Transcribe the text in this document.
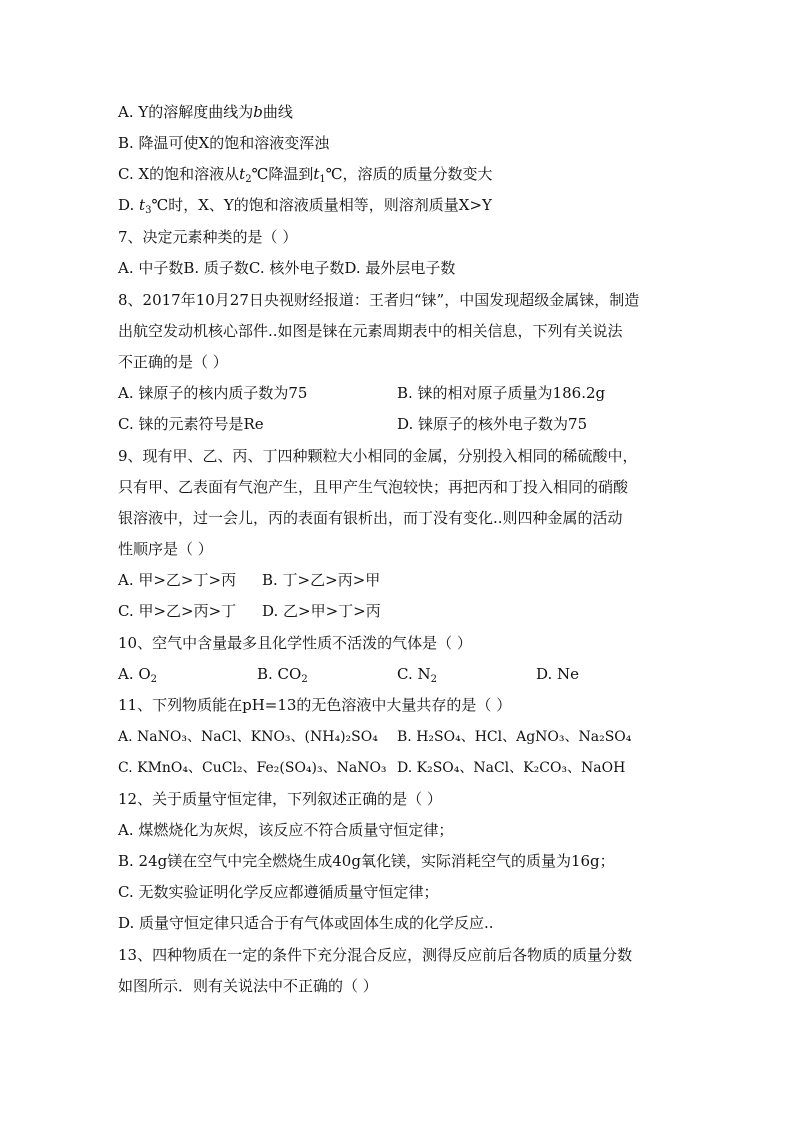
A. Y的溶解度曲线为b曲线
B. 降温可使X的饱和溶液变浑浊
C. X的饱和溶液从$t_2℃$降温到$t_1℃$，溶质的质量分数变大
D. $t_3℃$时，X、Y的饱和溶液质量相等，则溶剂质量X>Y
7、决定元素种类的是（ ）
A. 中子数B. 质子数C. 核外电子数D. 最外层电子数
8、2017年10月27日央视财经报道：王者归“铼”，中国发现超级金属铼，制造
出航空发动机核心部件..如图是铼在元素周期表中的相关信息，下列有关说法
不正确的是（ ）
A. 铼原子的核内质子数为75	B. 铼的相对原子质量为186.2g
C. 铼的元素符号是Re	D. 铼原子的核外电子数为75
9、现有甲、乙、丙、丁四种颗粒大小相同的金属，分别投入相同的稀硫酸中，
只有甲、乙表面有气泡产生，且甲产生气泡较快；再把丙和丁投入相同的硝酸
银溶液中，过一会儿，丙的表面有银析出，而丁没有变化..则四种金属的活动
性顺序是（ ）
A. 甲>乙>丁>丙 B. 丁>乙>丙>甲
C. 甲>乙>丙>丁 D. 乙>甲>丁>丙
10、空气中含量最多且化学性质不活泼的气体是（ ）
A. $O_2$	B. $CO_2$	C. $N_2$	D. Ne
11、下列物质能在pH=13的无色溶液中大量共存的是（ ）
A. NaNO₃、NaCl、KNO₃、(NH₄)₂SO₄ B. H₂SO₄、HCl、AgNO₃、Na₂SO₄
C. KMnO₄、CuCl₂、Fe₂(SO₄)₃、NaNO₃ D. K₂SO₄、NaCl、K₂CO₃、NaOH
12、关于质量守恒定律，下列叙述正确的是（ ）
A. 煤燃烧化为灰烬，该反应不符合质量守恒定律；
B. 24g镁在空气中完全燃烧生成40g氧化镁，实际消耗空气的质量为16g；
C. 无数实验证明化学反应都遵循质量守恒定律；
D. 质量守恒定律只适合于有气体或固体生成的化学反应..
13、四种物质在一定的条件下充分混合反应，测得反应前后各物质的质量分数
如图所示．则有关说法中不正确的（ ）
